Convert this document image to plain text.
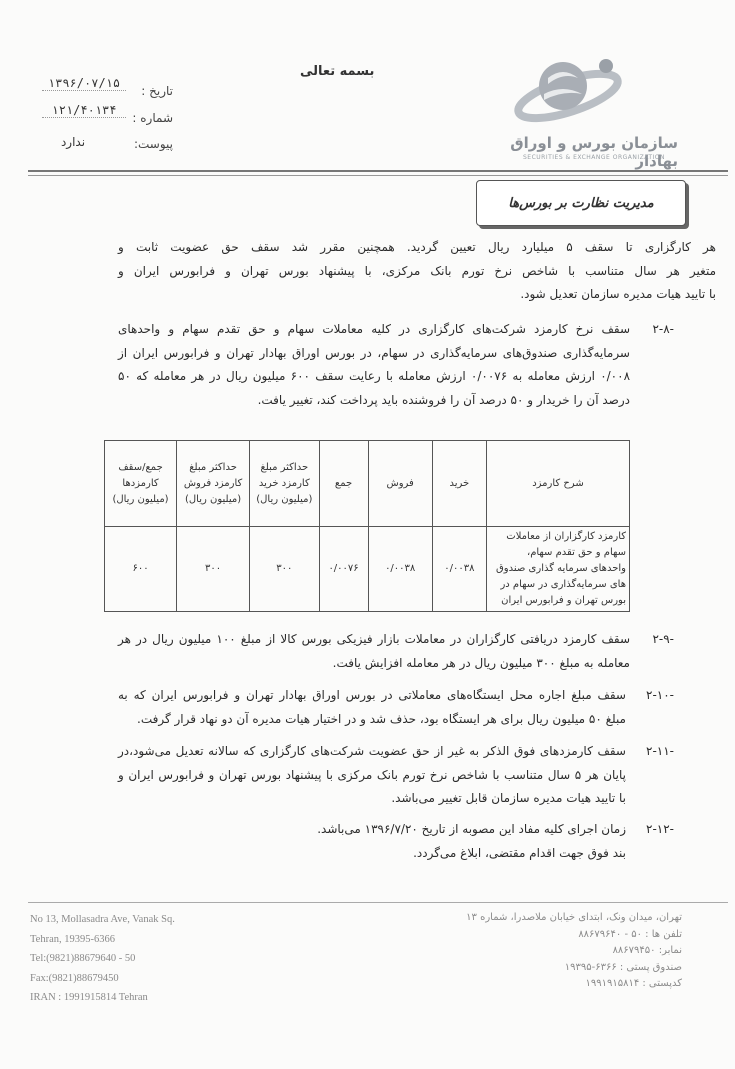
بسمه تعالی
تاریخ :
۱۳۹۶/۰۷/۱۵
شماره :
۱۲۱/۴۰۱۳۴
پیوست:
ندارد	سازمان بورس و اوراق بهادار
SECURITIES & EXCHANGE ORGANIZATION
مدیریت نظارت بر بورس‌ها
هر کارگزاری تا سقف ۵ میلیارد ریال تعیین گردید. همچنین مقرر شد سقف حق عضویت ثابت و
متغیر هر سال متناسب با شاخص نرخ تورم بانک مرکزی، با پیشنهاد بورس تهران و فرابورس ایران و
با تایید هیات مدیره سازمان تعدیل شود.
۲-۸-
سقف نرخ کارمزد شرکت‌های کارگزاری در کلیه معاملات سهام و حق تقدم سهام و واحدهای
سرمایه‌گذاری صندوق‌های سرمایه‌گذاری در سهام، در بورس اوراق بهادار تهران و فرابورس ایران از
۰/۰۰۸ ارزش معامله به ۰/۰۰۷۶ ارزش معامله با رعایت سقف ۶۰۰ میلیون ریال در هر معامله که ۵۰
درصد آن را خریدار و ۵۰ درصد آن را فروشنده باید پرداخت کند، تغییر یافت.
شرح کارمزد	خرید	فروش	جمع	حداکثر مبلغ کارمزد خرید (میلیون ریال)	حداکثر مبلغ کارمزد فروش (میلیون ریال)	جمع/سقف کارمزدها (میلیون ریال)
کارمزد کارگزاران از معاملات سهام و حق تقدم سهام، واحدهای سرمایه گذاری صندوق های سرمایه‌گذاری در سهام در بورس تهران و فرابورس ایران	۰/۰۰۳۸	۰/۰۰۳۸	۰/۰۰۷۶	۳۰۰	۳۰۰	۶۰۰
۲-۹-
سقف کارمزد دریافتی کارگزاران در معاملات بازار فیزیکی بورس کالا از مبلغ ۱۰۰ میلیون ریال در هر
معامله به مبلغ ۳۰۰ میلیون ریال در هر معامله افزایش یافت.
۲-۱۰-
سقف مبلغ اجاره محل ایستگاه‌های معاملاتی در بورس اوراق بهادار تهران و فرابورس ایران که به
مبلغ ۵۰ میلیون ریال برای هر ایستگاه بود، حذف شد و در اختیار هیات مدیره آن دو نهاد قرار گرفت.
۲-۱۱-
سقف کارمزدهای فوق الذکر به غیر از حق عضویت شرکت‌های کارگزاری که سالانه تعدیل می‌شود،در
پایان هر ۵ سال متناسب با شاخص نرخ تورم بانک مرکزی با پیشنهاد بورس تهران و فرابورس ایران و
با تایید هیات مدیره سازمان قابل تغییر می‌باشد.
۲-۱۲-
زمان اجرای کلیه مفاد این مصوبه از تاریخ ۱۳۹۶/۷/۲۰ می‌باشد.
بند فوق جهت اقدام مقتضی، ابلاغ می‌گردد.
No 13, Mollasadra Ave, Vanak Sq.
Tehran, 19395-6366
Tel:(9821)88679640 - 50
Fax:(9821)88679450
IRAN : 1991915814 Tehran
تهران، میدان ونک، ابتدای خیابان ملاصدرا، شماره ۱۳
تلفن ها : ۵۰ - ۸۸۶۷۹۶۴۰
نمابر: ۸۸۶۷۹۴۵۰
صندوق پستی : ۶۳۶۶-۱۹۳۹۵
کدپستی : ۱۹۹۱۹۱۵۸۱۴
